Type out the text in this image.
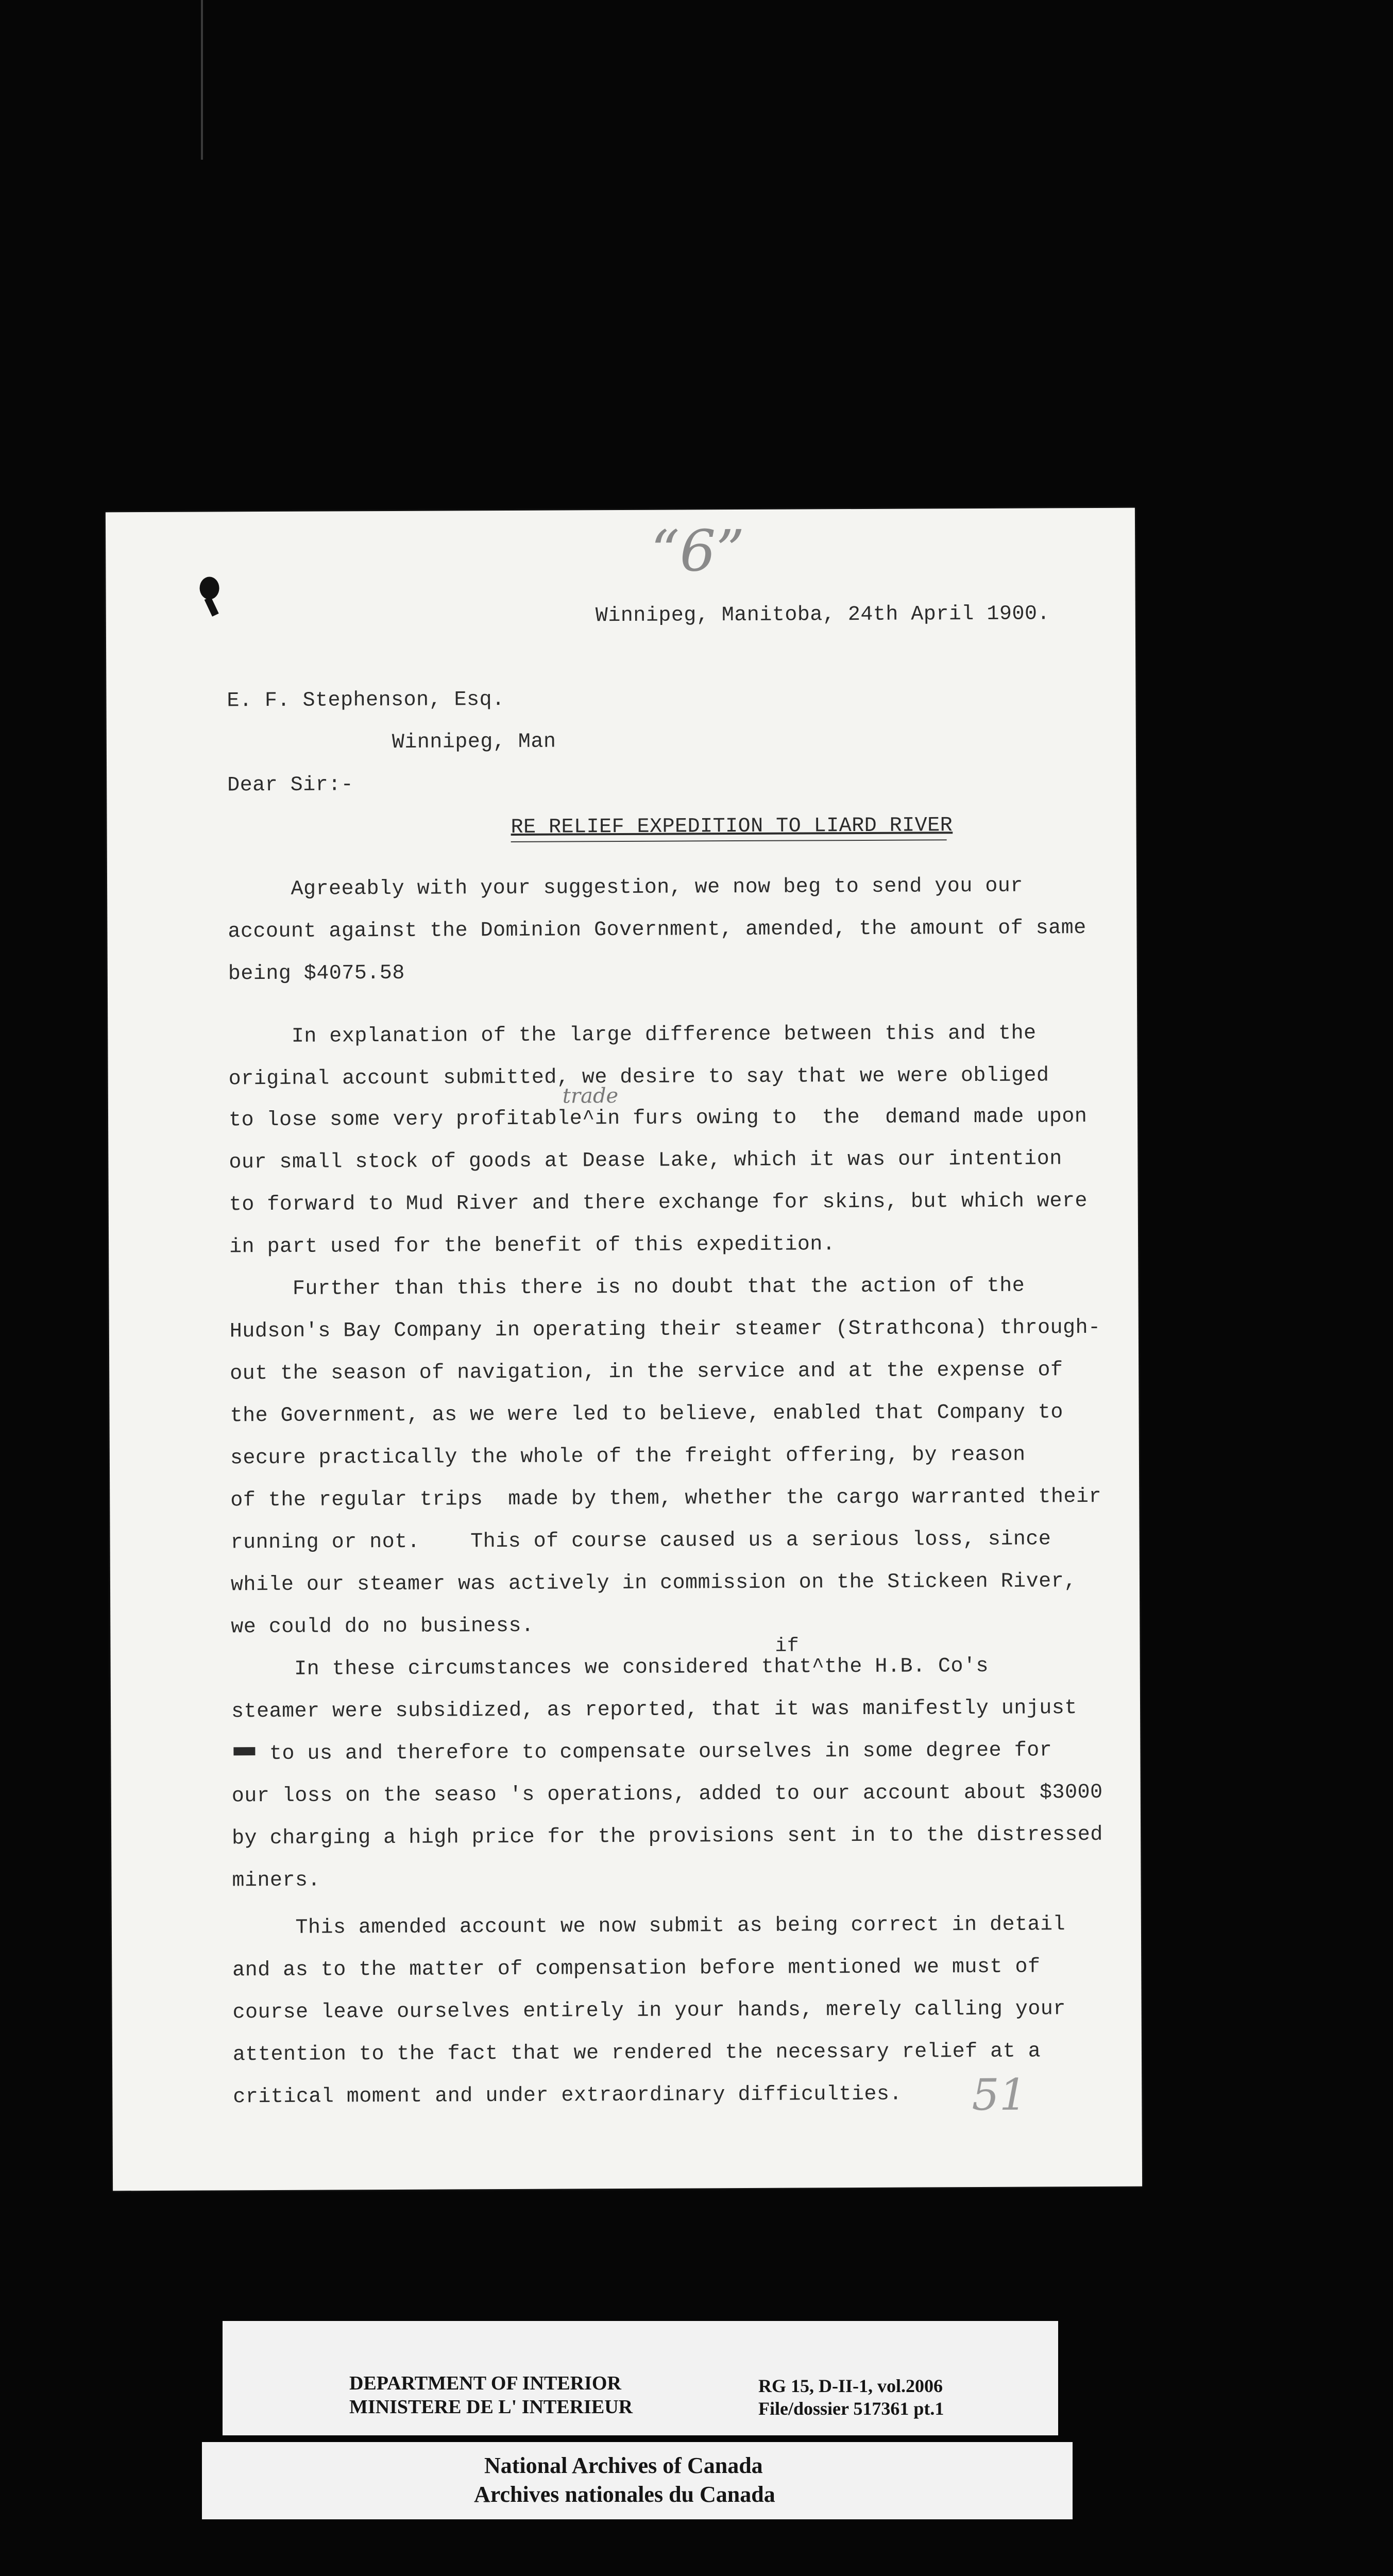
“6”
Winnipeg, Manitoba, 24th April 1900.
E. F. Stephenson, Esq.
Winnipeg, Man
Dear Sir:-
RE RELIEF EXPEDITION TO LIARD RIVER
Agreeably with your suggestion, we now beg to send you our
account against the Dominion Government, amended, the amount of same
being $4075.58
In explanation of the large difference between this and the
original account submitted, we desire to say that we were obliged
trade
to lose some very profitable^in furs owing to  the  demand made upon
our small stock of goods at Dease Lake, which it was our intention
to forward to Mud River and there exchange for skins, but which were
in part used for the benefit of this expedition.
Further than this there is no doubt that the action of the
Hudson's Bay Company in operating their steamer (Strathcona) through-
out the season of navigation, in the service and at the expense of
the Government, as we were led to believe, enabled that Company to
secure practically the whole of the freight offering, by reason
of the regular trips  made by them, whether the cargo warranted their
running or not.    This of course caused us a serious loss, since
while our steamer was actively in commission on the Stickeen River,
we could do no business.
if
In these circumstances we considered that^the H.B. Co's
steamer were subsidized, as reported, that it was manifestly unjust
to us and therefore to compensate ourselves in some degree for
our loss on the seaso 's operations, added to our account about $3000
by charging a high price for the provisions sent in to the distressed
miners.
This amended account we now submit as being correct in detail
and as to the matter of compensation before mentioned we must of
course leave ourselves entirely in your hands, merely calling your
attention to the fact that we rendered the necessary relief at a
critical moment and under extraordinary difficulties. 51
DEPARTMENT OF INTERIOR
MINISTERE DE L' INTERIEUR
RG 15, D-II-1, vol.2006
File/dossier 517361 pt.1
National Archives of Canada
Archives nationales du Canada
